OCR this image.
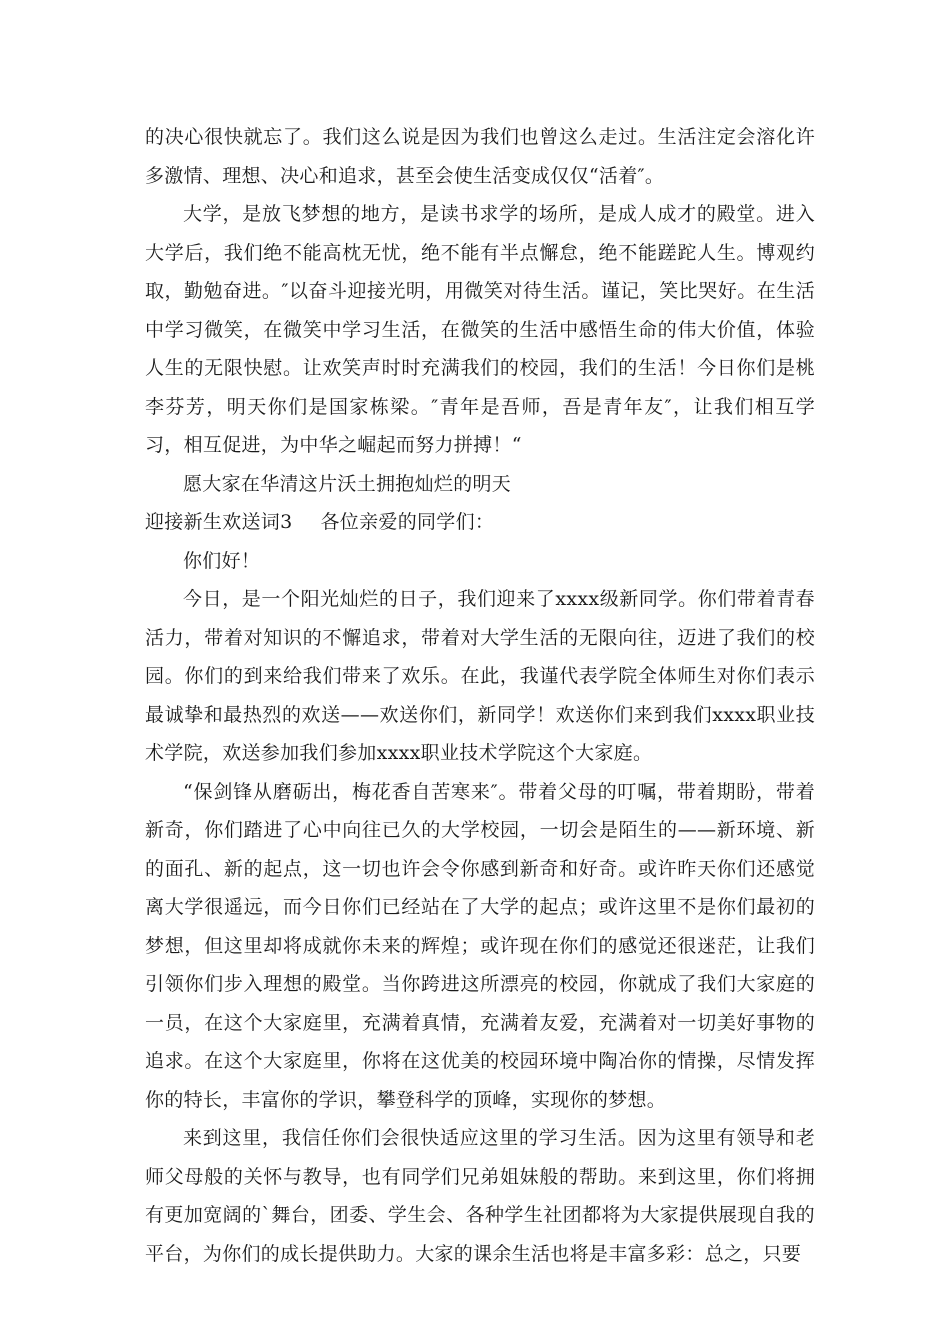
的决心很快就忘了。我们这么说是因为我们也曾这么走过。生活注定会溶化许多激情、理想、决心和追求，甚至会使生活变成仅仅“活着″。

大学，是放飞梦想的地方，是读书求学的场所，是成人成才的殿堂。进入大学后，我们绝不能高枕无忧，绝不能有半点懈怠，绝不能蹉跎人生。博观约取，勤勉奋进。″以奋斗迎接光明，用微笑对待生活。谨记，笑比哭好。在生活中学习微笑，在微笑中学习生活，在微笑的生活中感悟生命的伟大价值，体验人生的无限快慰。让欢笑声时时充满我们的校园，我们的生活！今日你们是桃李芬芳，明天你们是国家栋梁。″青年是吾师，吾是青年友″，让我们相互学习，相互促进，为中华之崛起而努力拼搏！“

愿大家在华清这片沃土拥抱灿烂的明天

迎接新生欢送词3 各位亲爱的同学们：

你们好！

今日，是一个阳光灿烂的日子，我们迎来了xxxx级新同学。你们带着青春活力，带着对知识的不懈追求，带着对大学生活的无限向往，迈进了我们的校园。你们的到来给我们带来了欢乐。在此，我谨代表学院全体师生对你们表示最诚挚和最热烈的欢送——欢送你们，新同学！欢送你们来到我们xxxx职业技术学院，欢送参加我们参加xxxx职业技术学院这个大家庭。

“保剑锋从磨砺出，梅花香自苦寒来″。带着父母的叮嘱，带着期盼，带着新奇，你们踏进了心中向往已久的大学校园，一切会是陌生的——新环境、新的面孔、新的起点，这一切也许会令你感到新奇和好奇。或许昨天你们还感觉离大学很遥远，而今日你们已经站在了大学的起点；或许这里不是你们最初的梦想，但这里却将成就你未来的辉煌；或许现在你们的感觉还很迷茫，让我们引领你们步入理想的殿堂。当你跨进这所漂亮的校园，你就成了我们大家庭的一员，在这个大家庭里，充满着真情，充满着友爱，充满着对一切美好事物的追求。在这个大家庭里，你将在这优美的校园环境中陶冶你的情操，尽情发挥你的特长，丰富你的学识，攀登科学的顶峰，实现你的梦想。

来到这里，我信任你们会很快适应这里的学习生活。因为这里有领导和老师父母般的关怀与教导，也有同学们兄弟姐妹般的帮助。来到这里，你们将拥有更加宽阔的`舞台，团委、学生会、各种学生社团都将为大家提供展现自我的平台，为你们的成长提供助力。大家的课余生活也将是丰富多彩：总之，只要
